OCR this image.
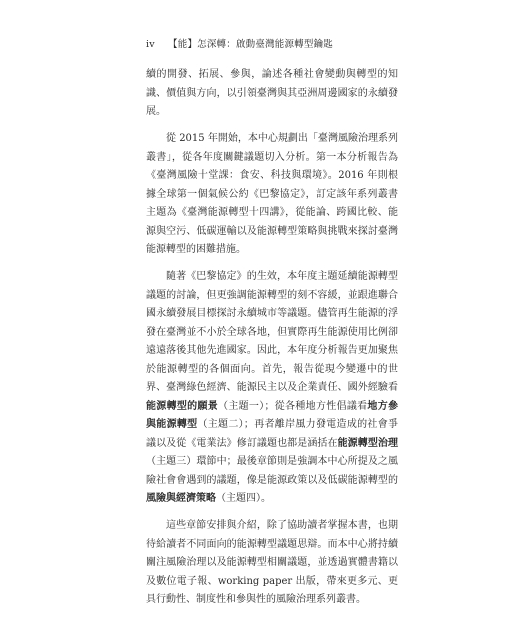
iv 【能】怎深轉：啟動臺灣能源轉型鑰匙

續的開發、拓展、參與，論述各種社會變動與轉型的知識、價值與方向，以引領臺灣與其亞洲周邊國家的永續發展。

從 2015 年開始，本中心規劃出「臺灣風險治理系列叢書」，從各年度關鍵議題切入分析。第一本分析報告為《臺灣風險十堂課：食安、科技與環境》。2016 年則根據全球第一個氣候公約《巴黎協定》，訂定該年系列叢書主題為《臺灣能源轉型十四講》，從能論、跨國比較、能源與空污、低碳運輸以及能源轉型策略與挑戰來探討臺灣能源轉型的困難措施。

隨著《巴黎協定》的生效，本年度主題延續能源轉型議題的討論，但更強調能源轉型的刻不容緩，並跟進聯合國永續發展目標探討永續城市等議題。儘管再生能源的浮發在臺灣並不小於全球各地，但實際再生能源使用比例卻遠遠落後其他先進國家。因此，本年度分析報告更加聚焦於能源轉型的各個面向。首先，報告從現今變遷中的世界、臺灣綠色經濟、能源民主以及企業責任、國外經驗看能源轉型的願景（主題一）；從各種地方性倡議看地方參與能源轉型（主題二）；再者離岸風力發電造成的社會爭議以及從《電業法》修訂議題也都是涵括在能源轉型治理（主題三）環節中；最後章節則是強調本中心所提及之風險社會會遇到的議題，像是能源政策以及低碳能源轉型的風險與經濟策略（主題四）。

這些章節安排與介紹，除了協助讀者掌握本書，也期待給讀者不同面向的能源轉型議題思辯。而本中心將持續關注風險治理以及能源轉型相關議題，並透過實體書籍以及數位電子報、working paper 出版，帶來更多元、更具行動性、制度性和參與性的風險治理系列叢書。
